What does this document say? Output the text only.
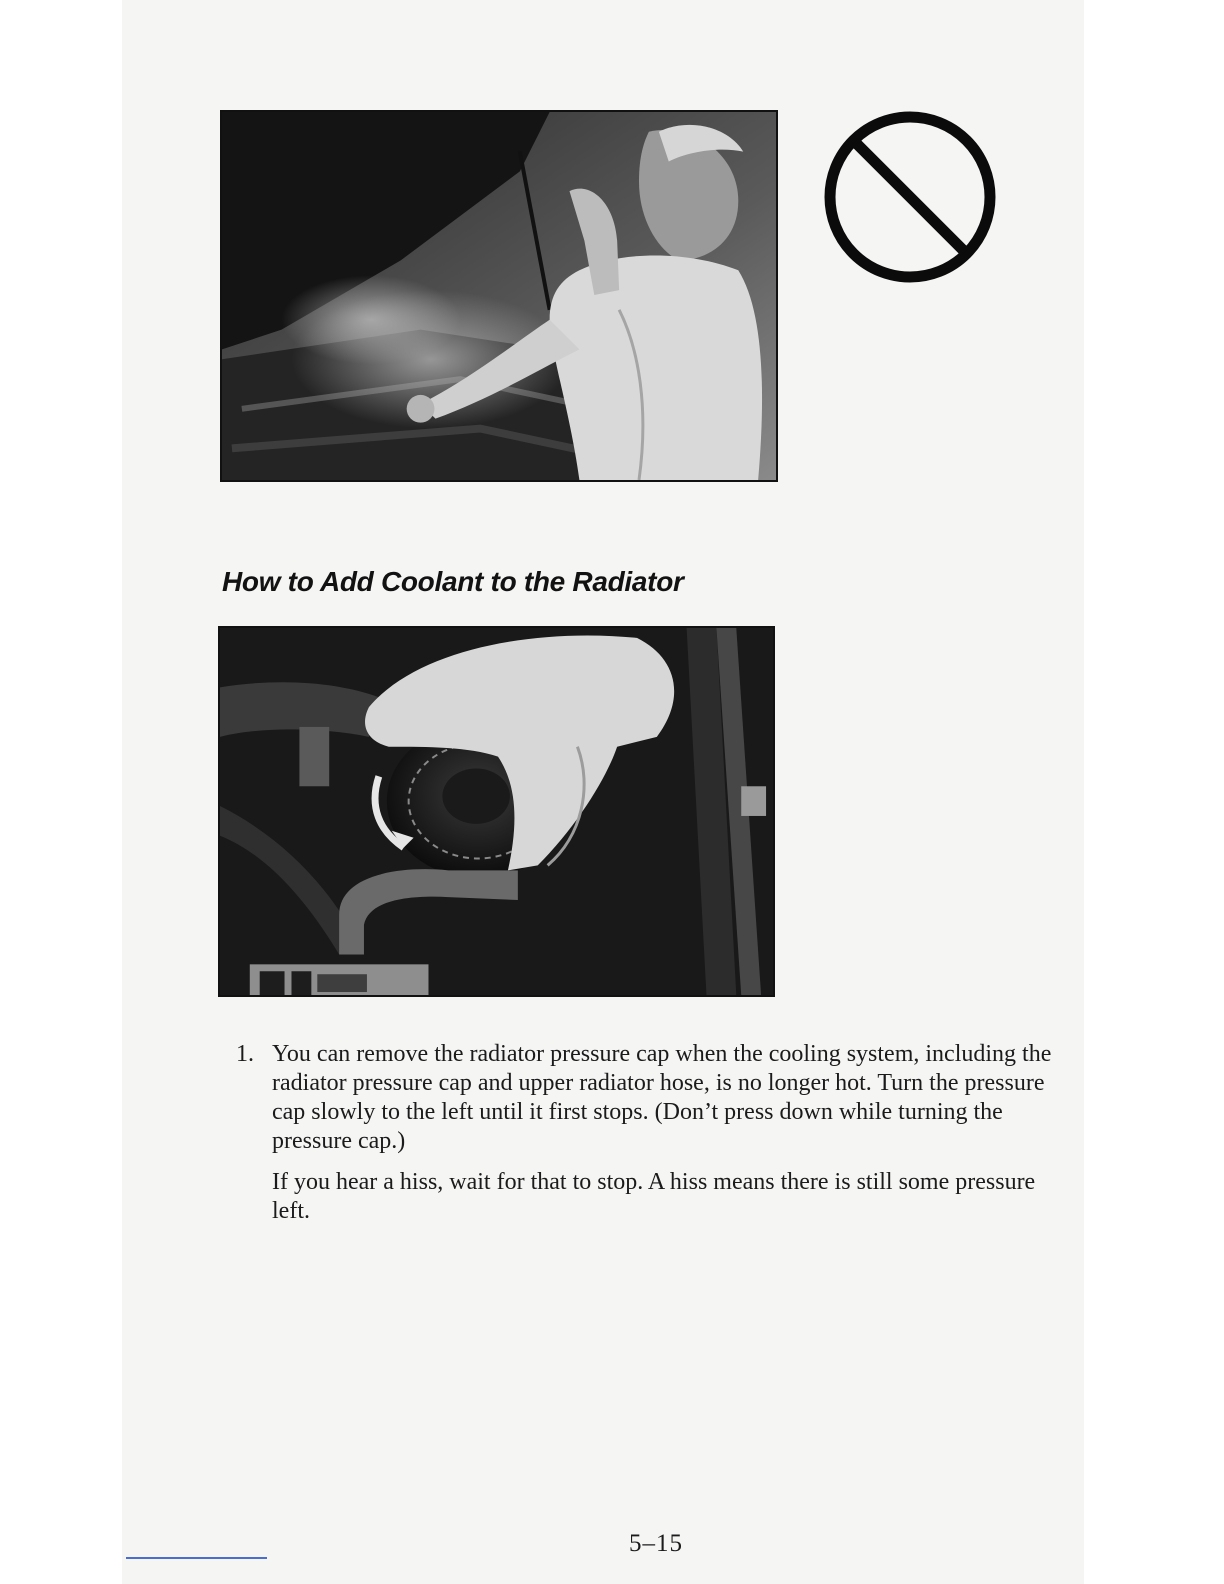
How to Add Coolant to the Radiator
1. You can remove the radiator pressure cap when the cooling system, including the radiator pressure cap and upper radiator hose, is no longer hot. Turn the pressure cap slowly to the left until it first stops. (Don’t press down while turning the pressure cap.)

If you hear a hiss, wait for that to stop. A hiss means there is still some pressure left.

5–15
